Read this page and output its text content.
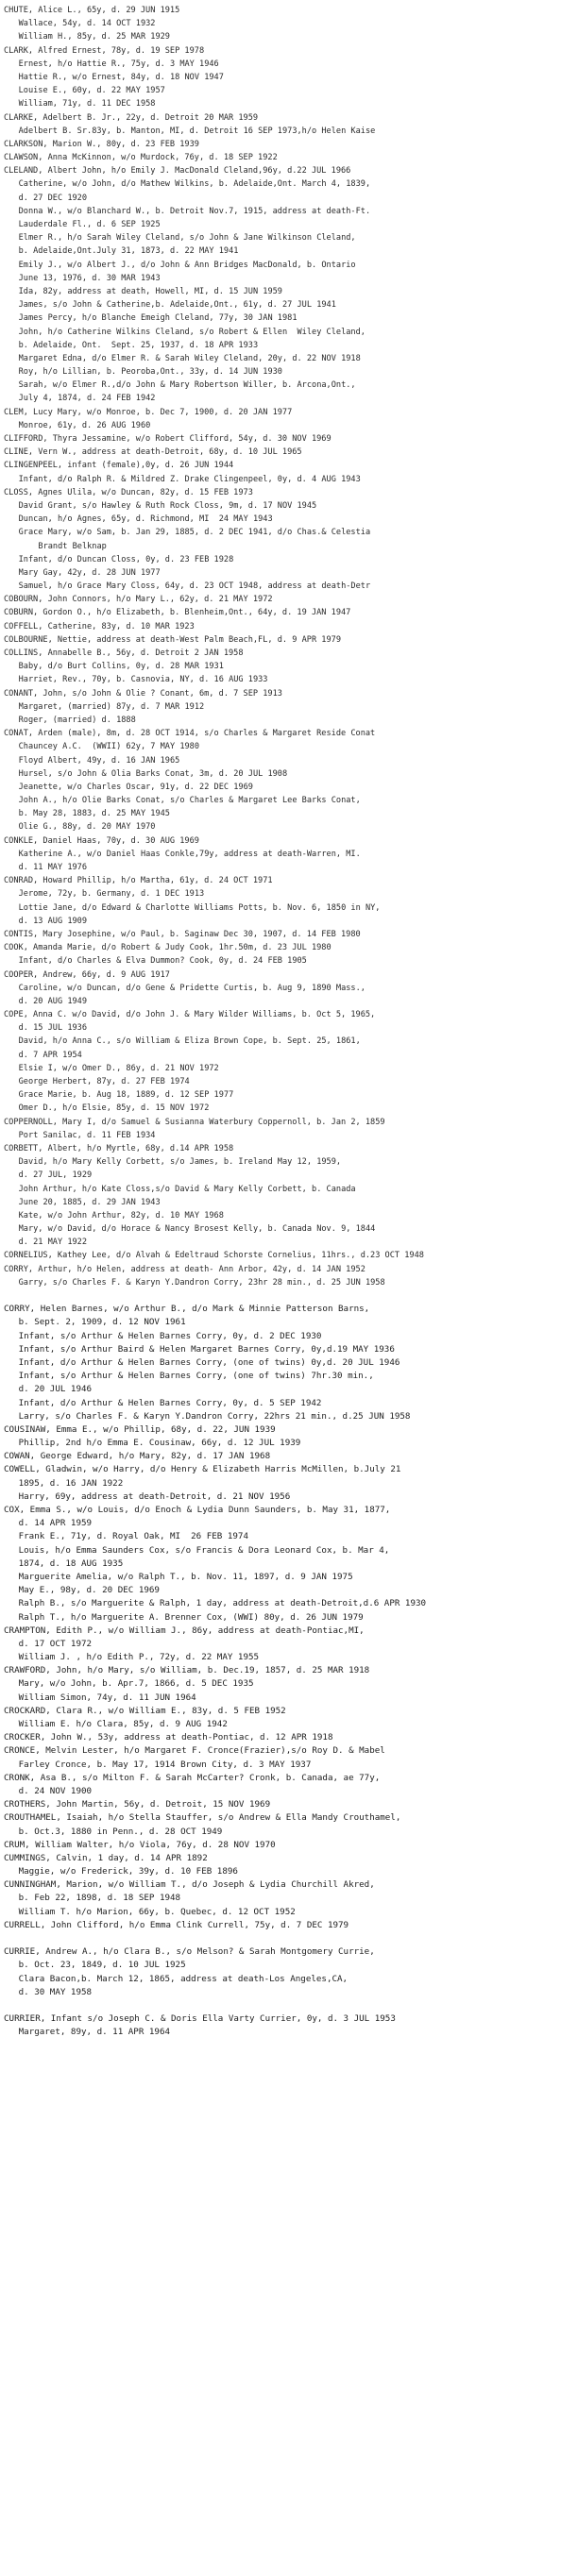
CHUTE, Alice L., 65y, d. 29 JUN 1915
Wallace, 54y, d. 14 OCT 1932
William H., 85y, d. 25 MAR 1929
CLARK, Alfred Ernest, 78y, d. 19 SEP 1978
Ernest, h/o Hattie R., 75y, d. 3 MAY 1946
Hattie R., w/o Ernest, 84y, d. 18 NOV 1947
Louise E., 60y, d. 22 MAY 1957
William, 71y, d. 11 DEC 1958
CLARKE, Adelbert B. Jr., 22y, d. Detroit 20 MAR 1959
Adelbert B. Sr.83y, b. Manton, MI, d. Detroit 16 SEP 1973,h/o Helen Kaise
CLARKSON, Marion W., 80y, d. 23 FEB 1939
CLAWSON, Anna McKinnon, w/o Murdock, 76y, d. 18 SEP 1922
CLELAND, Albert John, h/o Emily J. MacDonald Cleland,96y, d.22 JUL 1966
Catherine, w/o John, d/o Mathew Wilkins, b. Adelaide,Ont. March 4, 1839,
d. 27 DEC 1920
Donna W., w/o Blanchard W., b. Detroit Nov.7, 1915, address at death-Ft.
Lauderdale Fl., d. 6 SEP 1925
Elmer R., h/o Sarah Wiley Cleland, s/o John & Jane Wilkinson Cleland,
b. Adelaide,Ont.July 31, 1873, d. 22 MAY 1941
Emily J., w/o Albert J., d/o John & Ann Bridges MacDonald, b. Ontario
June 13, 1976, d. 30 MAR 1943
Ida, 82y, address at death, Howell, MI, d. 15 JUN 1959
James, s/o John & Catherine,b. Adelaide,Ont., 61y, d. 27 JUL 1941
James Percy, h/o Blanche Emeigh Cleland, 77y, 30 JAN 1981
John, h/o Catherine Wilkins Cleland, s/o Robert & Ellen  Wiley Cleland,
b. Adelaide, Ont.  Sept. 25, 1937, d. 18 APR 1933
Margaret Edna, d/o Elmer R. & Sarah Wiley Cleland, 20y, d. 22 NOV 1918
Roy, h/o Lillian, b. Peoroba,Ont., 33y, d. 14 JUN 1930
Sarah, w/o Elmer R.,d/o John & Mary Robertson Willer, b. Arcona,Ont.,
July 4, 1874, d. 24 FEB 1942
CLEM, Lucy Mary, w/o Monroe, b. Dec 7, 1900, d. 20 JAN 1977
Monroe, 61y, d. 26 AUG 1960
CLIFFORD, Thyra Jessamine, w/o Robert Clifford, 54y, d. 30 NOV 1969
CLINE, Vern W., address at death-Detroit, 68y, d. 10 JUL 1965
CLINGENPEEL, infant (female),0y, d. 26 JUN 1944
Infant, d/o Ralph R. & Mildred Z. Drake Clingenpeel, 0y, d. 4 AUG 1943
CLOSS, Agnes Ulila, w/o Duncan, 82y, d. 15 FEB 1973
David Grant, s/o Hawley & Ruth Rock Closs, 9m, d. 17 NOV 1945
Duncan, h/o Agnes, 65y, d. Richmond, MI  24 MAY 1943
Grace Mary, w/o Sam, b. Jan 29, 1885, d. 2 DEC 1941, d/o Chas.& Celestia
Brandt Belknap
Infant, d/o Duncan Closs, 0y, d. 23 FEB 1928
Mary Gay, 42y, d. 28 JUN 1977
Samuel, h/o Grace Mary Closs, 64y, d. 23 OCT 1948, address at death-Detr
COBOURN, John Connors, h/o Mary L., 62y, d. 21 MAY 1972
COBURN, Gordon O., h/o Elizabeth, b. Blenheim,Ont., 64y, d. 19 JAN 1947
COFFELL, Catherine, 83y, d. 10 MAR 1923
COLBOURNE, Nettie, address at death-West Palm Beach,FL, d. 9 APR 1979
COLLINS, Annabelle B., 56y, d. Detroit 2 JAN 1958
Baby, d/o Burt Collins, 0y, d. 28 MAR 1931
Harriet, Rev., 70y, b. Casnovia, NY, d. 16 AUG 1933
CONANT, John, s/o John & Olie ? Conant, 6m, d. 7 SEP 1913
Margaret, (married) 87y, d. 7 MAR 1912
Roger, (married) d. 1888
CONAT, Arden (male), 8m, d. 28 OCT 1914, s/o Charles & Margaret Reside Conat
Chauncey A.C.  (WWII) 62y, 7 MAY 1980
Floyd Albert, 49y, d. 16 JAN 1965
Hursel, s/o John & Olia Barks Conat, 3m, d. 20 JUL 1908
Jeanette, w/o Charles Oscar, 91y, d. 22 DEC 1969
John A., h/o Olie Barks Conat, s/o Charles & Margaret Lee Barks Conat,
b. May 28, 1883, d. 25 MAY 1945
Olie G., 88y, d. 20 MAY 1970
CONKLE, Daniel Haas, 70y, d. 30 AUG 1969
Katherine A., w/o Daniel Haas Conkle,79y, address at death-Warren, MI.
d. 11 MAY 1976
CONRAD, Howard Phillip, h/o Martha, 61y, d. 24 OCT 1971
Jerome, 72y, b. Germany, d. 1 DEC 1913
Lottie Jane, d/o Edward & Charlotte Williams Potts, b. Nov. 6, 1850 in NY,
d. 13 AUG 1909
CONTIS, Mary Josephine, w/o Paul, b. Saginaw Dec 30, 1907, d. 14 FEB 1980
COOK, Amanda Marie, d/o Robert & Judy Cook, 1hr.50m, d. 23 JUL 1980
Infant, d/o Charles & Elva Dummon? Cook, 0y, d. 24 FEB 1905
COOPER, Andrew, 66y, d. 9 AUG 1917
Caroline, w/o Duncan, d/o Gene & Pridette Curtis, b. Aug 9, 1890 Mass.,
d. 20 AUG 1949
COPE, Anna C. w/o David, d/o John J. & Mary Wilder Williams, b. Oct 5, 1965,
d. 15 JUL 1936
David, h/o Anna C., s/o William & Eliza Brown Cope, b. Sept. 25, 1861,
d. 7 APR 1954
Elsie I, w/o Omer D., 86y, d. 21 NOV 1972
George Herbert, 87y, d. 27 FEB 1974
Grace Marie, b. Aug 18, 1889, d. 12 SEP 1977
Omer D., h/o Elsie, 85y, d. 15 NOV 1972
COPPERNOLL, Mary I, d/o Samuel & Susianna Waterbury Coppernoll, b. Jan 2, 1859
Port Sanilac, d. 11 FEB 1934
CORBETT, Albert, h/o Myrtle, 68y, d.14 APR 1958
David, h/o Mary Kelly Corbett, s/o James, b. Ireland May 12, 1959,
d. 27 JUL, 1929
John Arthur, h/o Kate Closs,s/o David & Mary Kelly Corbett, b. Canada
June 20, 1885, d. 29 JAN 1943
Kate, w/o John Arthur, 82y, d. 10 MAY 1968
Mary, w/o David, d/o Horace & Nancy Brosest Kelly, b. Canada Nov. 9, 1844
d. 21 MAY 1922
CORNELIUS, Kathey Lee, d/o Alvah & Edeltraud Schorste Cornelius, 11hrs., d.23 OCT 1948
CORRY, Arthur, h/o Helen, address at death- Ann Arbor, 42y, d. 14 JAN 1952
Garry, s/o Charles F. & Karyn Y.Dandron Corry, 23hr 28 min., d. 25 JUN 1958
CORRY, Helen Barnes, w/o Arthur B., d/o Mark & Minnie Patterson Barns,
b. Sept. 2, 1909, d. 12 NOV 1961
Infant, s/o Arthur & Helen Barnes Corry, 0y, d. 2 DEC 1930
Infant, s/o Arthur Baird & Helen Margaret Barnes Corry, 0y,d.19 MAY 1936
Infant, d/o Arthur & Helen Barnes Corry, (one of twins) 0y,d. 20 JUL 1946
Infant, s/o Arthur & Helen Barnes Corry, (one of twins) 7hr.30 min.,
d. 20 JUL 1946
Infant, d/o Arthur & Helen Barnes Corry, 0y, d. 5 SEP 1942
Larry, s/o Charles F. & Karyn Y.Dandron Corry, 22hrs 21 min., d.25 JUN 1958
COUSINAW, Emma E., w/o Phillip, 68y, d. 22, JUN 1939
Phillip, 2nd h/o Emma E. Cousinaw, 66y, d. 12 JUL 1939
COWAN, George Edward, h/o Mary, 82y, d. 17 JAN 1968
COWELL, Gladwin, w/o Harry, d/o Henry & Elizabeth Harris McMillen, b.July 21
1895, d. 16 JAN 1922
Harry, 69y, address at death-Detroit, d. 21 NOV 1956
COX, Emma S., w/o Louis, d/o Enoch & Lydia Dunn Saunders, b. May 31, 1877,
d. 14 APR 1959
Frank E., 71y, d. Royal Oak, MI  26 FEB 1974
Louis, h/o Emma Saunders Cox, s/o Francis & Dora Leonard Cox, b. Mar 4,
1874, d. 18 AUG 1935
Marguerite Amelia, w/o Ralph T., b. Nov. 11, 1897, d. 9 JAN 1975
May E., 98y, d. 20 DEC 1969
Ralph B., s/o Marguerite & Ralph, 1 day, address at death-Detroit,d.6 APR 1930
Ralph T., h/o Marguerite A. Brenner Cox, (WWI) 80y, d. 26 JUN 1979
CRAMPTON, Edith P., w/o William J., 86y, address at death-Pontiac,MI,
d. 17 OCT 1972
William J. , h/o Edith P., 72y, d. 22 MAY 1955
CRAWFORD, John, h/o Mary, s/o William, b. Dec.19, 1857, d. 25 MAR 1918
Mary, w/o John, b. Apr.7, 1866, d. 5 DEC 1935
William Simon, 74y, d. 11 JUN 1964
CROCKARD, Clara R., w/o William E., 83y, d. 5 FEB 1952
William E. h/o Clara, 85y, d. 9 AUG 1942
CROCKER, John W., 53y, address at death-Pontiac, d. 12 APR 1918
CRONCE, Melvin Lester, h/o Margaret F. Cronce(Frazier),s/o Roy D. & Mabel
Farley Cronce, b. May 17, 1914 Brown City, d. 3 MAY 1937
CRONK, Asa B., s/o Milton F. & Sarah McCarter? Cronk, b. Canada, ae 77y,
d. 24 NOV 1900
CROTHERS, John Martin, 56y, d. Detroit, 15 NOV 1969
CROUTHAMEL, Isaiah, h/o Stella Stauffer, s/o Andrew & Ella Mandy Crouthamel,
b. Oct.3, 1880 in Penn., d. 28 OCT 1949
CRUM, William Walter, h/o Viola, 76y, d. 28 NOV 1970
CUMMINGS, Calvin, 1 day, d. 14 APR 1892
Maggie, w/o Frederick, 39y, d. 10 FEB 1896
CUNNINGHAM, Marion, w/o William T., d/o Joseph & Lydia Churchill Akred,
b. Feb 22, 1898, d. 18 SEP 1948
William T. h/o Marion, 66y, b. Quebec, d. 12 OCT 1952
CURRELL, John Clifford, h/o Emma Clink Currell, 75y, d. 7 DEC 1979
CURRIE, Andrew A., h/o Clara B., s/o Melson? & Sarah Montgomery Currie,
b. Oct. 23, 1849, d. 10 JUL 1925
Clara Bacon,b. March 12, 1865, address at death-Los Angeles,CA,
d. 30 MAY 1958
CURRIER, Infant s/o Joseph C. & Doris Ella Varty Currier, 0y, d. 3 JUL 1953
Margaret, 89y, d. 11 APR 1964
